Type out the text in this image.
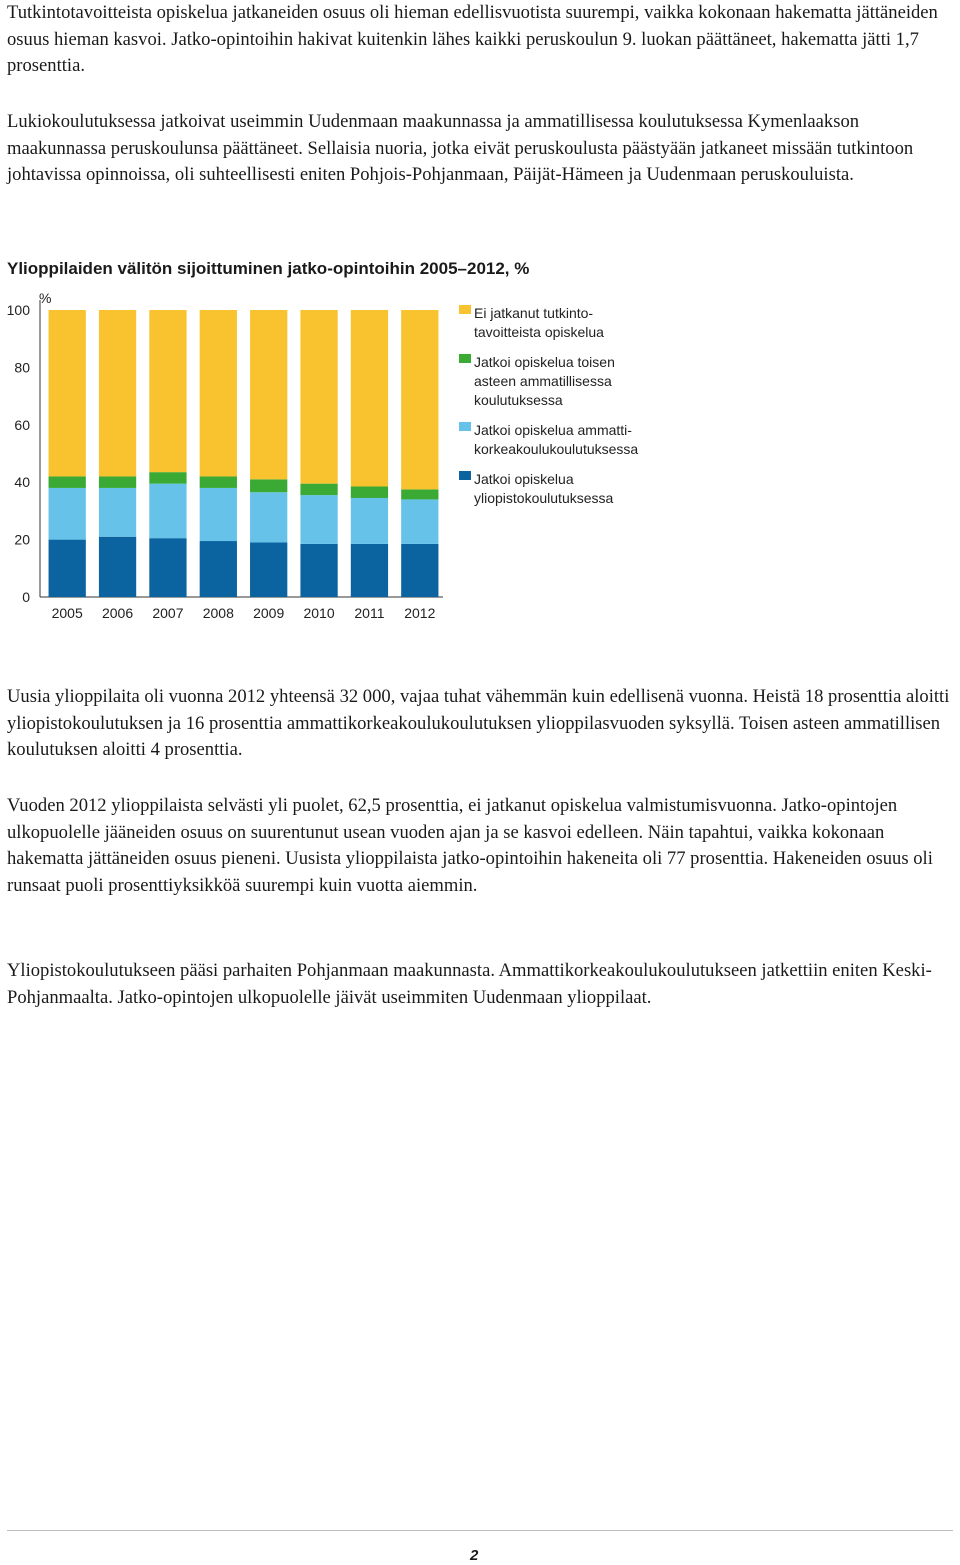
Tutkintotavoitteista opiskelua jatkaneiden osuus oli hieman edellisvuotista suurempi, vaikka kokonaan hakematta jättäneiden osuus hieman kasvoi. Jatko-opintoihin hakivat kuitenkin lähes kaikki peruskoulun 9. luokan päättäneet, hakematta jätti 1,7 prosenttia.

Lukiokoulutuksessa jatkoivat useimmin Uudenmaan maakunnassa ja ammatillisessa koulutuksessa Kymenlaakson maakunnassa peruskoulunsa päättäneet. Sellaisia nuoria, jotka eivät peruskoulusta päästyään jatkaneet missään tutkintoon johtavissa opinnoissa, oli suhteellisesti eniten Pohjois-Pohjanmaan, Päijät-Hämeen ja Uudenmaan peruskouluista.

Ylioppilaiden välitön sijoittuminen jatko-opintoihin 2005–2012, %
%
0
20
40
60
80
100
2005 2006 2007 2008 2009 2010 2011 2012
Ei jatkanut tutkinto-
tavoitteista opiskelua
Jatkoi opiskelua toisen
asteen ammatillisessa
koulutuksessa
Jatkoi opiskelua ammatti-
korkeakoulukoulutuksessa
Jatkoi opiskelua
yliopistokoulutuksessa

Uusia ylioppilaita oli vuonna 2012 yhteensä 32 000, vajaa tuhat vähemmän kuin edellisenä vuonna. Heistä 18 prosenttia aloitti yliopistokoulutuksen ja 16 prosenttia ammattikorkeakoulukoulutuksen ylioppilasvuoden syksyllä. Toisen asteen ammatillisen koulutuksen aloitti 4 prosenttia.

Vuoden 2012 ylioppilaista selvästi yli puolet, 62,5 prosenttia, ei jatkanut opiskelua valmistumisvuonna. Jatko-opintojen ulkopuolelle jääneiden osuus on suurentunut usean vuoden ajan ja se kasvoi edelleen. Näin tapahtui, vaikka kokonaan hakematta jättäneiden osuus pieneni. Uusista ylioppilaista jatko-opintoihin hakeneita oli 77 prosenttia. Hakeneiden osuus oli runsaat puoli prosenttiyksikköä suurempi kuin vuotta aiemmin.

Yliopistokoulutukseen pääsi parhaiten Pohjanmaan maakunnasta. Ammattikorkeakoulukoulutukseen jatkettiin eniten Keski-Pohjanmaalta. Jatko-opintojen ulkopuolelle jäivät useimmiten Uudenmaan ylioppilaat.

2
